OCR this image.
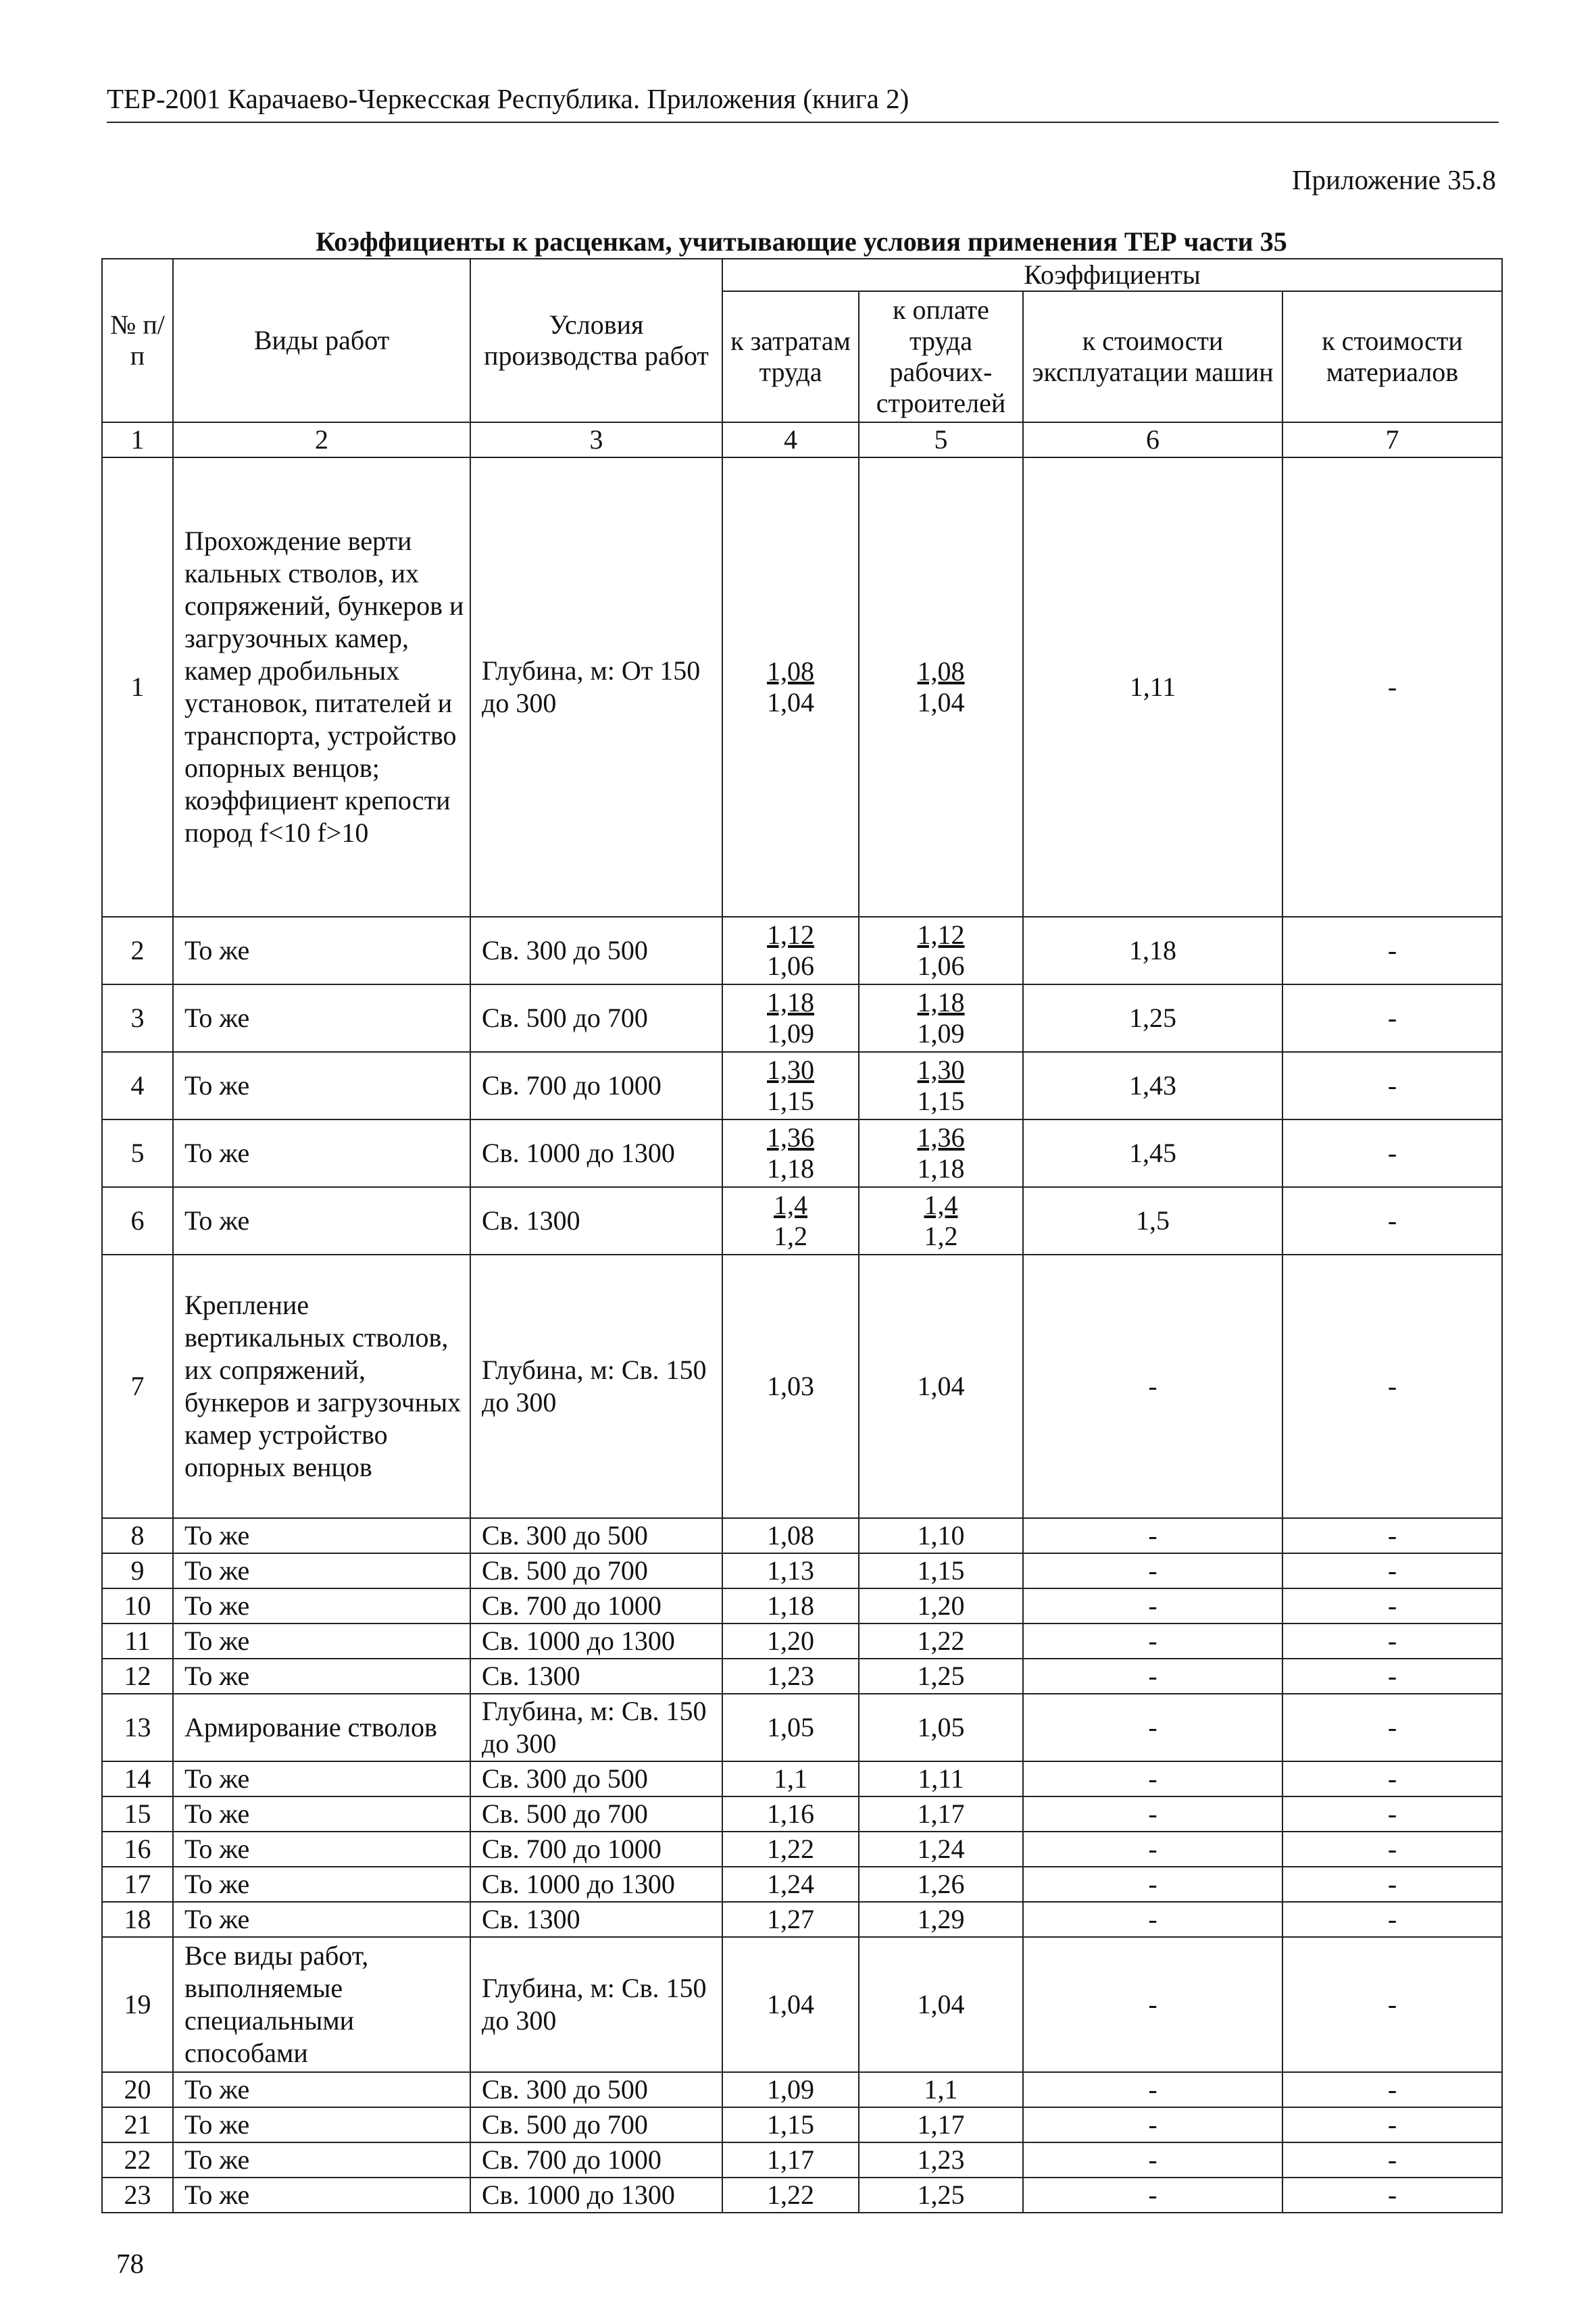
ТЕР-2001 Карачаево-Черкесская Республика. Приложения (книга 2)
Приложение 35.8
Коэффициенты к расценкам, учитывающие условия применения ТЕР части 35
№ п/п	Виды работ	Условия производства работ	Коэффициенты			
			к затратам труда	к оплате труда рабочих-строителей	к стоимости эксплуатации машин	к стоимости материалов
1	2	3	4	5	6	7
1	Прохождение верти кальных стволов, их сопряжений, бункеров и загрузочных камер, камер дробильных установок, питателей и транспорта, устройство опорных венцов; коэффициент крепости пород f<10 f>10	Глубина, м: От 150 до 300	$\frac{1,08}{1,04}$	$\frac{1,08}{1,04}$	1,11	-
2	То же	Св. 300 до 500	$\frac{1,12}{1,06}$	$\frac{1,12}{1,06}$	1,18	-
3	То же	Св. 500 до 700	$\frac{1,18}{1,09}$	$\frac{1,18}{1,09}$	1,25	-
4	То же	Св. 700 до 1000	$\frac{1,30}{1,15}$	$\frac{1,30}{1,15}$	1,43	-
5	То же	Св. 1000 до 1300	$\frac{1,36}{1,18}$	$\frac{1,36}{1,18}$	1,45	-
6	То же	Св. 1300	$\frac{1,4}{1,2}$	$\frac{1,4}{1,2}$	1,5	-
7	Крепление вертикальных стволов, их сопряжений, бункеров и загрузочных камер устройство опорных венцов	Глубина, м: Св. 150 до 300	1,03	1,04	-	-
8	То же	Св. 300 до 500	1,08	1,10	-	-
9	То же	Св. 500 до 700	1,13	1,15	-	-
10	То же	Св. 700 до 1000	1,18	1,20	-	-
11	То же	Св. 1000 до 1300	1,20	1,22	-	-
12	То же	Св. 1300	1,23	1,25	-	-
13	Армирование стволов	Глубина, м: Св. 150 до 300	1,05	1,05	-	-
14	То же	Св. 300 до 500	1,1	1,11	-	-
15	То же	Св. 500 до 700	1,16	1,17	-	-
16	То же	Св. 700 до 1000	1,22	1,24	-	-
17	То же	Св. 1000 до 1300	1,24	1,26	-	-
18	То же	Св. 1300	1,27	1,29	-	-
19	Все виды работ, выполняемые специальными способами	Глубина, м: Св. 150 до 300	1,04	1,04	-	-
20	То же	Св. 300 до 500	1,09	1,1	-	-
21	То же	Св. 500 до 700	1,15	1,17	-	-
22	То же	Св. 700 до 1000	1,17	1,23	-	-
23	То же	Св. 1000 до 1300	1,22	1,25	-	-
78
